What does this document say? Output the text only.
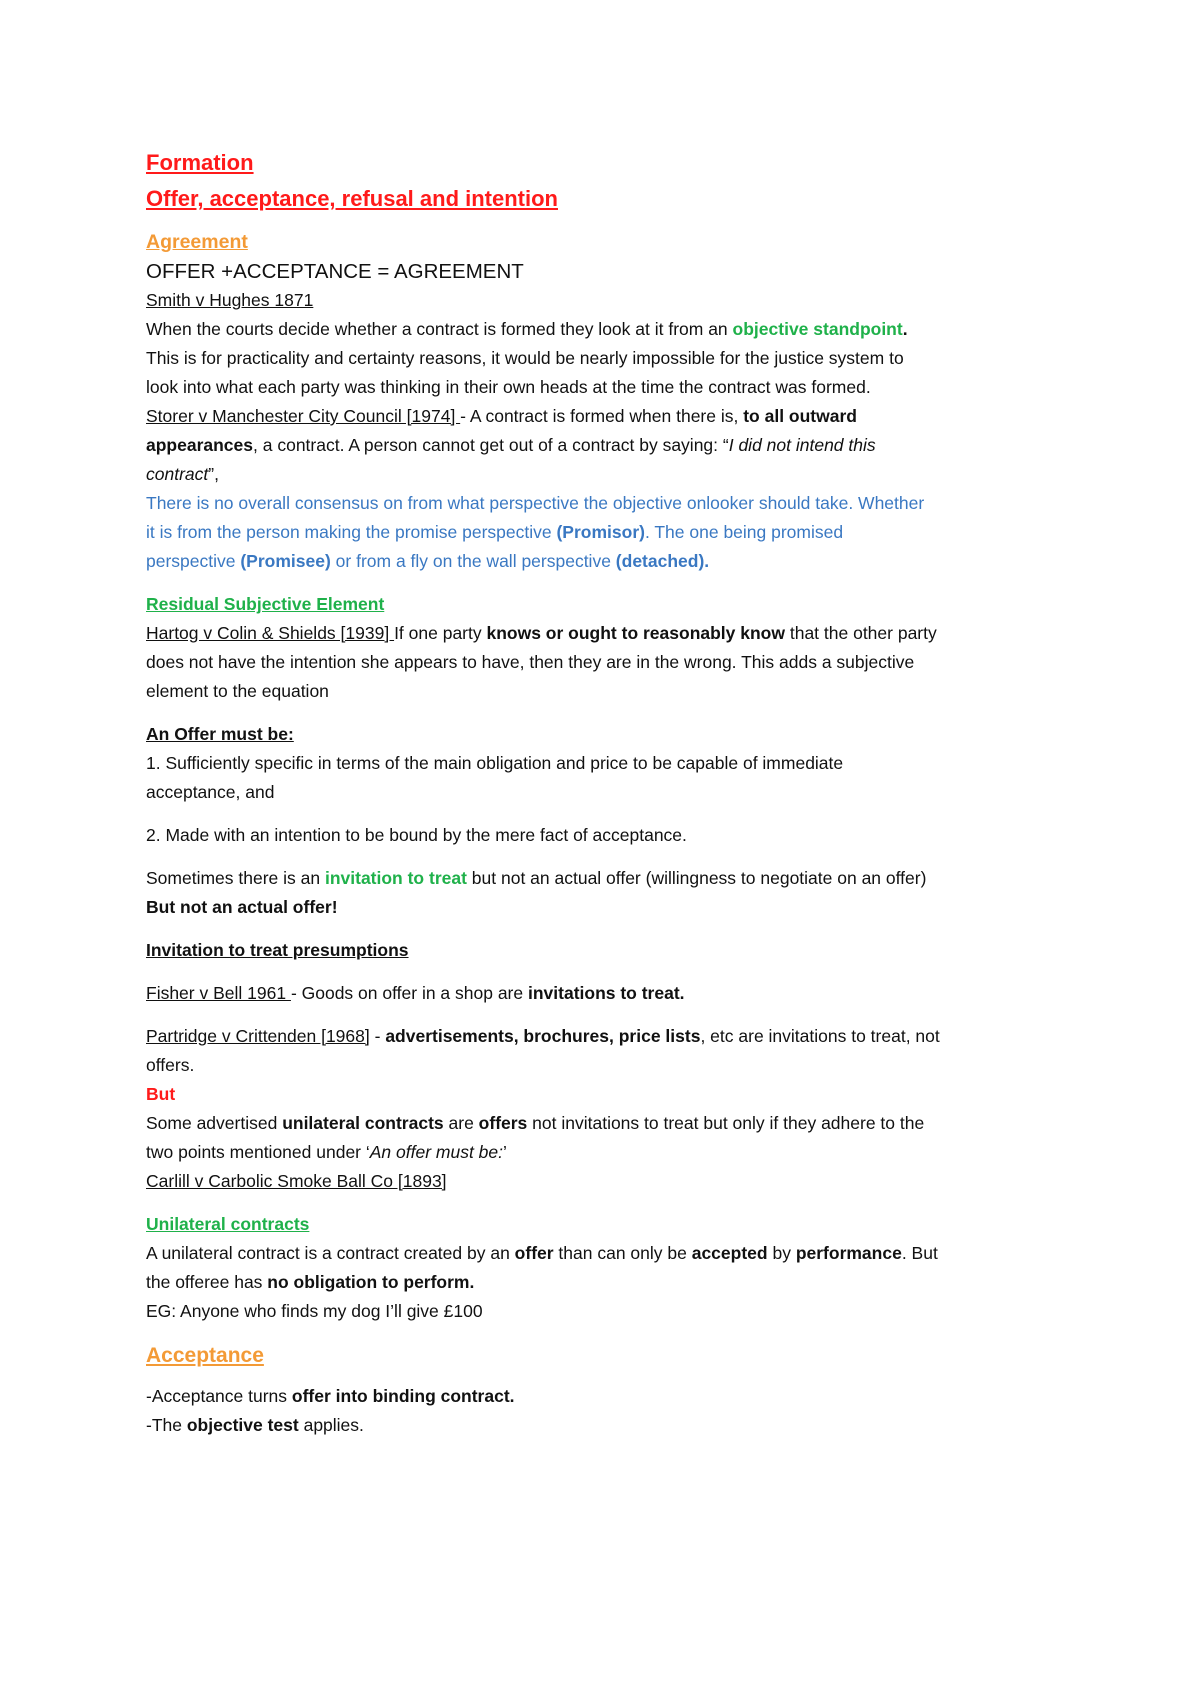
Formation
Offer, acceptance, refusal and intention
Agreement
OFFER +ACCEPTANCE = AGREEMENT
Smith v Hughes 1871
When the courts decide whether a contract is formed they look at it from an objective standpoint.
This is for practicality and certainty reasons, it would be nearly impossible for the justice system to
look into what each party was thinking in their own heads at the time the contract was formed.
Storer v Manchester City Council [1974] - A contract is formed when there is, to all outward
appearances, a contract. A person cannot get out of a contract by saying: “I did not intend this
contract”,
There is no overall consensus on from what perspective the objective onlooker should take. Whether
it is from the person making the promise perspective (Promisor). The one being promised
perspective (Promisee) or from a fly on the wall perspective (detached).
Residual Subjective Element
Hartog v Colin & Shields [1939] If one party knows or ought to reasonably know that the other party
does not have the intention she appears to have, then they are in the wrong. This adds a subjective
element to the equation
An Offer must be:
1. Sufficiently specific in terms of the main obligation and price to be capable of immediate
acceptance, and
2. Made with an intention to be bound by the mere fact of acceptance.
Sometimes there is an invitation to treat but not an actual offer (willingness to negotiate on an offer)
But not an actual offer!
Invitation to treat presumptions
Fisher v Bell 1961 - Goods on offer in a shop are invitations to treat.
Partridge v Crittenden [1968] - advertisements, brochures, price lists, etc are invitations to treat, not
offers.
But
Some advertised unilateral contracts are offers not invitations to treat but only if they adhere to the
two points mentioned under ‘An offer must be:’
Carlill v Carbolic Smoke Ball Co [1893]
Unilateral contracts
A unilateral contract is a contract created by an offer than can only be accepted by performance. But
the offeree has no obligation to perform.
EG: Anyone who finds my dog I’ll give £100
Acceptance
-Acceptance turns offer into binding contract.
-The objective test applies.
